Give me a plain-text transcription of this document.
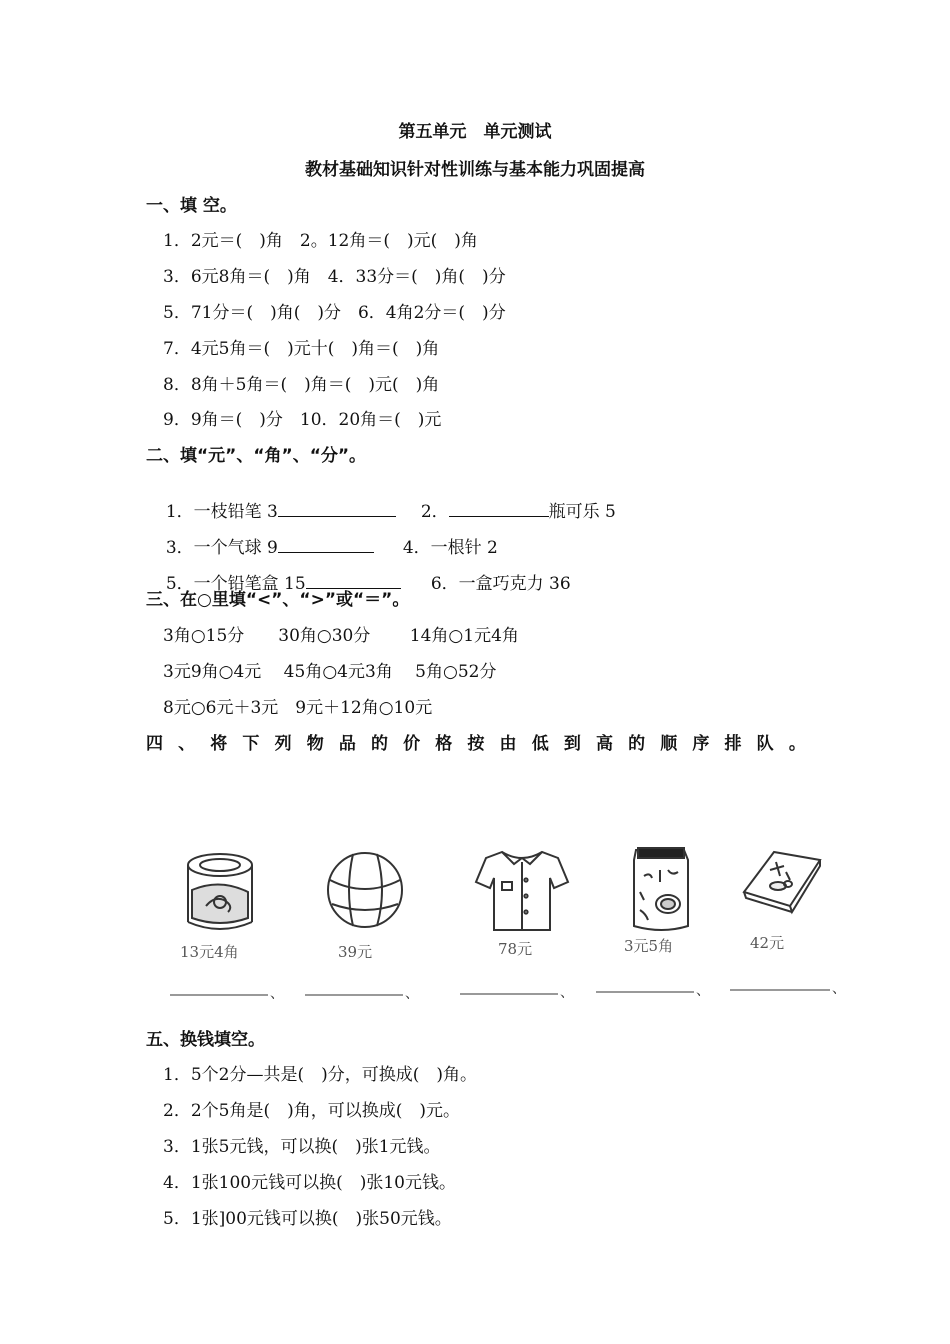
第五单元　单元测试
教材基础知识针对性训练与基本能力巩固提高
一、填 空。
1．2元＝(　)角　2。12角＝(　)元(　)角
3．6元8角＝(　)角　4．33分＝(　)角(　)分
5．71分＝(　)角(　)分　6．4角2分＝(　)分
7．4元5角＝(　)元十(　)角＝(　)角
8．8角＋5角＝(　)角＝(　)元(　)角
9．9角＝(　)分　10．20角＝(　)元
二、填“元”、“角”、“分”。

1．一枝铅笔 3	2．	瓶可乐 5

3．一个气球 9	4．一根针 2

5．一个铅笔盒 15	6．一盒巧克力 36

三、在○里填“<”、“>”或“＝”。
3角○15分　　30角○30分　　 14角○1元4角
3元9角○4元　 45角○4元3角　 5角○52分
8元○6元＋3元　9元＋12角○10元
四 、 将 下 列 物 品 的 价 格 按 由 低 到 高 的 顺 序 排 队 。
13元4角	39元	78元	3元5角	42元
、	、	、	、	、
五、换钱填空。
1．5个2分—共是(　)分，可换成(　)角。
2．2个5角是(　)角，可以换成(　)元。
3．1张5元钱，可以换(　)张1元钱。
4．1张100元钱可以换(　)张10元钱。
5．1张]00元钱可以换(　)张50元钱。
